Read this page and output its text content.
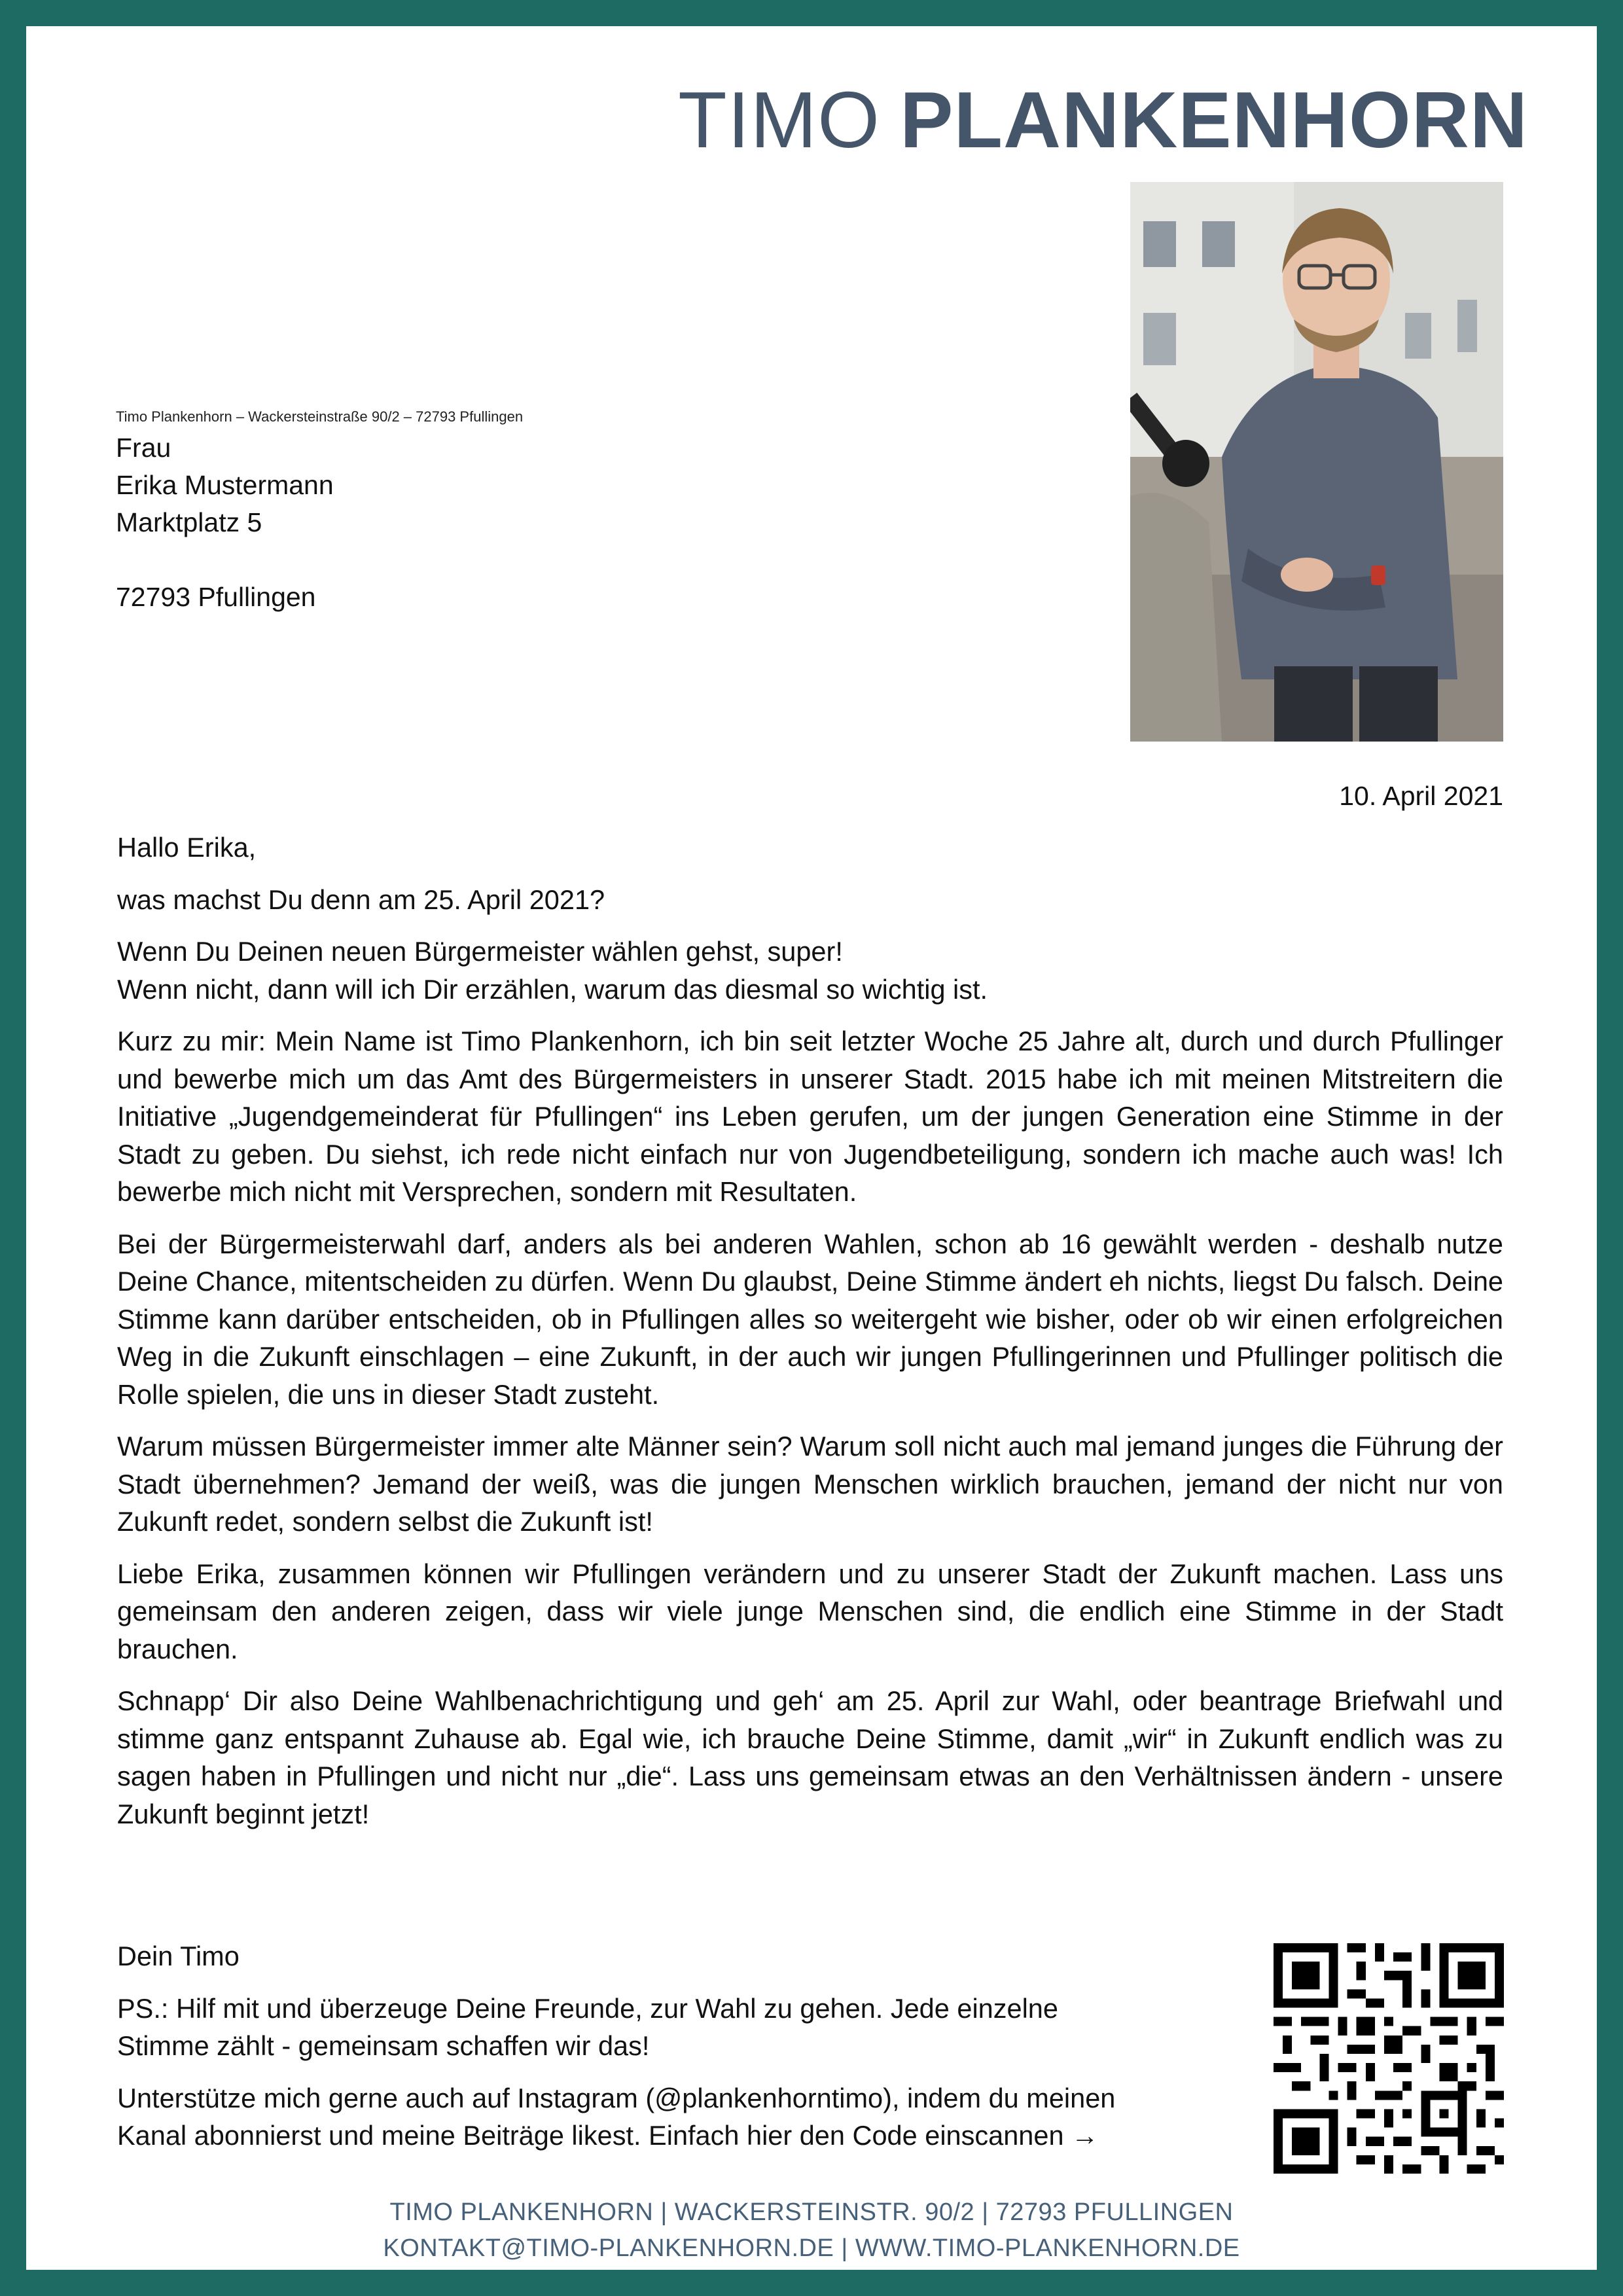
TIMO PLANKENHORN
Timo Plankenhorn – Wackersteinstraße 90/2 – 72793 Pfullingen
Frau
Erika Mustermann
Marktplatz 5
72793 Pfullingen
10. April 2021

Hallo Erika,

was machst Du denn am 25. April 2021?

Wenn Du Deinen neuen Bürgermeister wählen gehst, super!
Wenn nicht, dann will ich Dir erzählen, warum das diesmal so wichtig ist.

Kurz zu mir: Mein Name ist Timo Plankenhorn, ich bin seit letzter Woche 25 Jahre alt, durch und durch Pfullinger und bewerbe mich um das Amt des Bürgermeisters in unserer Stadt. 2015 habe ich mit meinen Mitstreitern die Initiative „Jugendgemeinderat für Pfullingen“ ins Leben gerufen, um der jungen Generation eine Stimme in der Stadt zu geben. Du siehst, ich rede nicht einfach nur von Jugendbeteiligung, sondern ich mache auch was! Ich bewerbe mich nicht mit Versprechen, sondern mit Resultaten.

Bei der Bürgermeisterwahl darf, anders als bei anderen Wahlen, schon ab 16 gewählt werden - deshalb nutze Deine Chance, mitentscheiden zu dürfen. Wenn Du glaubst, Deine Stimme ändert eh nichts, liegst Du falsch. Deine Stimme kann darüber entscheiden, ob in Pfullingen alles so weitergeht wie bisher, oder ob wir einen erfolgreichen Weg in die Zukunft einschlagen – eine Zukunft, in der auch wir jungen Pfullingerinnen und Pfullinger politisch die Rolle spielen, die uns in dieser Stadt zusteht.

Warum müssen Bürgermeister immer alte Männer sein? Warum soll nicht auch mal jemand junges die Führung der Stadt übernehmen? Jemand der weiß, was die jungen Menschen wirklich brauchen, jemand der nicht nur von Zukunft redet, sondern selbst die Zukunft ist!

Liebe Erika, zusammen können wir Pfullingen verändern und zu unserer Stadt der Zukunft machen. Lass uns gemeinsam den anderen zeigen, dass wir viele junge Menschen sind, die endlich eine Stimme in der Stadt brauchen.

Schnapp‘ Dir also Deine Wahlbenachrichtigung und geh‘ am 25. April zur Wahl, oder beantrage Briefwahl und stimme ganz entspannt Zuhause ab. Egal wie, ich brauche Deine Stimme, damit „wir“ in Zukunft endlich was zu sagen haben in Pfullingen und nicht nur „die“. Lass uns gemeinsam etwas an den Verhältnissen ändern - unsere Zukunft beginnt jetzt!

Dein Timo

PS.: Hilf mit und überzeuge Deine Freunde, zur Wahl zu gehen. Jede einzelne
Stimme zählt - gemeinsam schaffen wir das!

Unterstütze mich gerne auch auf Instagram (@plankenhorntimo), indem du meinen
Kanal abonnierst und meine Beiträge likest. Einfach hier den Code einscannen →

TIMO PLANKENHORN | WACKERSTEINSTR. 90/2 | 72793 PFULLINGEN
KONTAKT@TIMO-PLANKENHORN.DE | WWW.TIMO-PLANKENHORN.DE
